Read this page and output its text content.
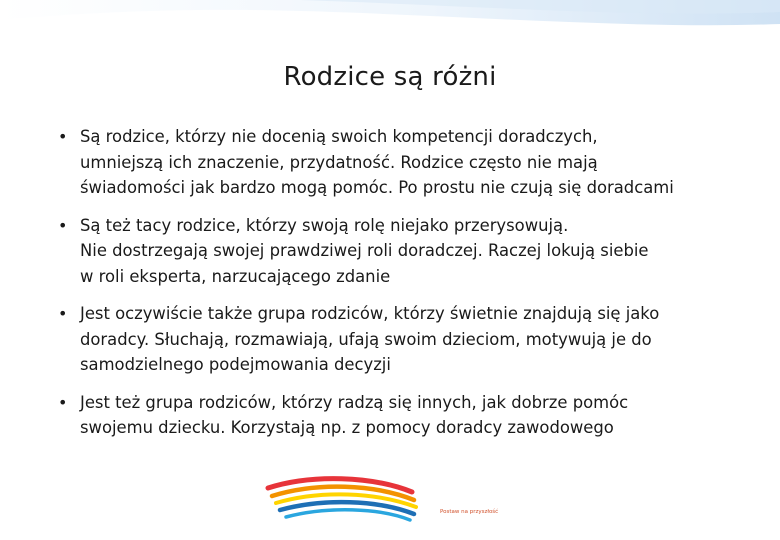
Rodzice są różni
• Są rodzice, którzy nie docenią swoich kompetencji doradczych,
umniejszą ich znaczenie, przydatność. Rodzice często nie mają
świadomości jak bardzo mogą pomóc. Po prostu nie czują się doradcami
• Są też tacy rodzice, którzy swoją rolę niejako przerysowują.
Nie dostrzegają swojej prawdziwej roli doradczej. Raczej lokują siebie
w roli eksperta, narzucającego zdanie
• Jest oczywiście także grupa rodziców, którzy świetnie znajdują się jako
doradcy. Słuchają, rozmawiają, ufają swoim dzieciom, motywują je do
samodzielnego podejmowania decyzji
• Jest też grupa rodziców, którzy radzą się innych, jak dobrze pomóc
swojemu dziecku. Korzystają np. z pomocy doradcy zawodowego
Postaw na przyszłość
